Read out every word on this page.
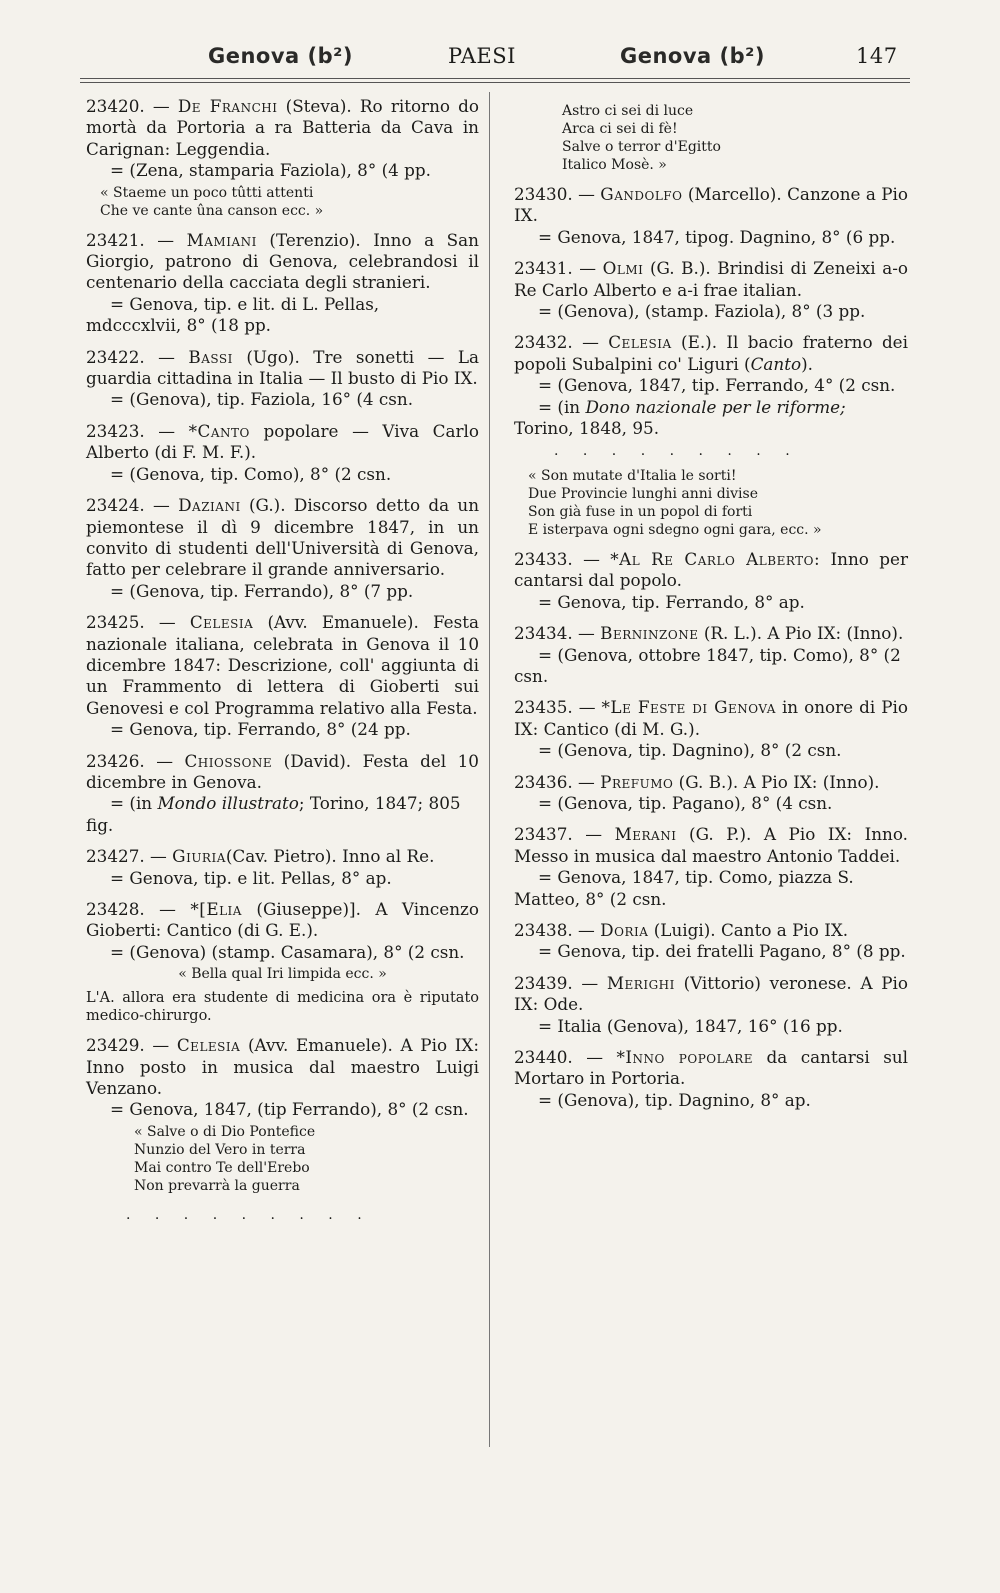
Genova (b²)	PAESI	Genova (b²)	147
23420. — De Franchi (Steva). Ro ritorno do mortà da Portoria a ra Batteria da Cava in Carignan: Leggendia.
= (Zena, stamparia Faziola), 8° (4 pp.
« Staeme un poco tûtti attenti
Che ve cante ûna canson ecc. »
23421. — Mamiani (Terenzio). Inno a San Giorgio, patrono di Genova, celebrandosi il centenario della cacciata degli stranieri.
= Genova, tip. e lit. di L. Pellas, mdcccxlvii, 8° (18 pp.
23422. — Bassi (Ugo). Tre sonetti — La guardia cittadina in Italia — Il busto di Pio IX.
= (Genova), tip. Faziola, 16° (4 csn.
23423. — *Canto popolare — Viva Carlo Alberto (di F. M. F.).
= (Genova, tip. Como), 8° (2 csn.
23424. — Daziani (G.). Discorso detto da un piemontese il dì 9 dicembre 1847, in un convito di studenti dell'Università di Genova, fatto per celebrare il grande anniversario.
= (Genova, tip. Ferrando), 8° (7 pp.
23425. — Celesia (Avv. Emanuele). Festa nazionale italiana, celebrata in Genova il 10 dicembre 1847: Descrizione, coll' aggiunta di un Frammento di lettera di Gioberti sui Genovesi e col Programma relativo alla Festa.
= Genova, tip. Ferrando, 8° (24 pp.
23426. — Chiossone (David). Festa del 10 dicembre in Genova.
= (in Mondo illustrato; Torino, 1847; 805 fig.
23427. — Giuria(Cav. Pietro). Inno al Re.
= Genova, tip. e lit. Pellas, 8° ap.
23428. — *[Elia (Giuseppe)]. A Vincenzo Gioberti: Cantico (di G. E.).
= (Genova) (stamp. Casamara), 8° (2 csn.
« Bella qual Iri limpida ecc. »
L'A. allora era studente di medicina ora è riputato medico-chirurgo.
23429. — Celesia (Avv. Emanuele). A Pio IX: Inno posto in musica dal maestro Luigi Venzano.
= Genova, 1847, (tip Ferrando), 8° (2 csn.
« Salve o di Dio Pontefice
Nunzio del Vero in terra
Mai contro Te dell'Erebo
Non prevarrà la guerra
. . . . . . . . .
Astro ci sei di luce
Arca ci sei di fè!
Salve o terror d'Egitto
Italico Mosè. »
23430. — Gandolfo (Marcello). Canzone a Pio IX.
= Genova, 1847, tipog. Dagnino, 8° (6 pp.
23431. — Olmi (G. B.). Brindisi di Zeneixi a-o Re Carlo Alberto e a-i frae italian.
= (Genova), (stamp. Faziola), 8° (3 pp.
23432. — Celesia (E.). Il bacio fraterno dei popoli Subalpini co' Liguri (Canto).
= (Genova, 1847, tip. Ferrando, 4° (2 csn.
= (in Dono nazionale per le riforme; Torino, 1848, 95.
. . . . . . . . .
« Son mutate d'Italia le sorti!
Due Provincie lunghi anni divise
Son già fuse in un popol di forti
E isterpava ogni sdegno ogni gara, ecc. »
23433. — *Al Re Carlo Alberto: Inno per cantarsi dal popolo.
= Genova, tip. Ferrando, 8° ap.
23434. — Berninzone (R. L.). A Pio IX: (Inno).
= (Genova, ottobre 1847, tip. Como), 8° (2 csn.
23435. — *Le Feste di Genova in onore di Pio IX: Cantico (di M. G.).
= (Genova, tip. Dagnino), 8° (2 csn.
23436. — Prefumo (G. B.). A Pio IX: (Inno).
= (Genova, tip. Pagano), 8° (4 csn.
23437. — Merani (G. P.). A Pio IX: Inno. Messo in musica dal maestro Antonio Taddei.
= Genova, 1847, tip. Como, piazza S. Matteo, 8° (2 csn.
23438. — Doria (Luigi). Canto a Pio IX.
= Genova, tip. dei fratelli Pagano, 8° (8 pp.
23439. — Merighi (Vittorio) veronese. A Pio IX: Ode.
= Italia (Genova), 1847, 16° (16 pp.
23440. — *Inno popolare da cantarsi sul Mortaro in Portoria.
= (Genova), tip. Dagnino, 8° ap.
